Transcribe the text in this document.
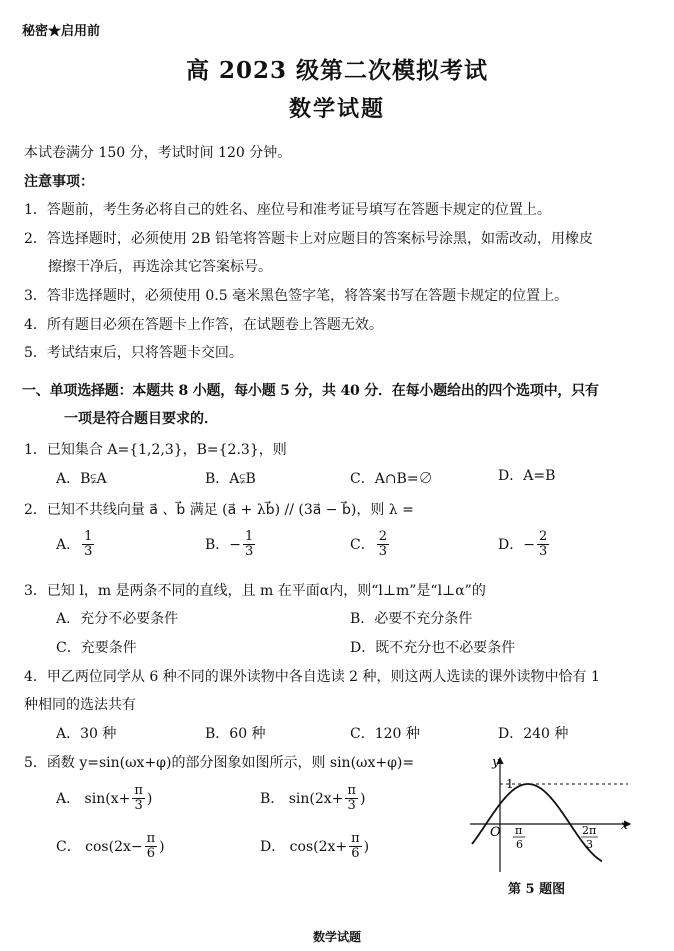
秘密★启用前
高 2023 级第二次模拟考试
数学试题
本试卷满分 150 分，考试时间 120 分钟。
注意事项：
1．答题前，考生务必将自己的姓名、座位号和准考证号填写在答题卡规定的位置上。
2．答选择题时，必须使用 2B 铅笔将答题卡上对应题目的答案标号涂黑，如需改动，用橡皮
擦擦干净后，再选涂其它答案标号。
3．答非选择题时，必须使用 0.5 毫米黑色签字笔，将答案书写在答题卡规定的位置上。
4．所有题目必须在答题卡上作答，在试题卷上答题无效。
5．考试结束后，只将答题卡交回。
一、单项选择题：本题共 8 小题，每小题 5 分，共 40 分．在每小题给出的四个选项中，只有
一项是符合题目要求的．
1．已知集合 A={1,2,3}，B={2.3}，则
A．B⫋A	B．A⫋B	C．A∩B=∅	D．A=B
2．已知不共线向量 a⃗ 、b⃗ 满足 (a⃗ + λb⃗) // (3a⃗ − b⃗)，则 λ =
A． $\frac{1}{3}$	B．− $\frac{1}{3}$	C． $\frac{2}{3}$	D．− $\frac{2}{3}$
3．已知 l，m 是两条不同的直线，且 m 在平面α内，则“l⊥m”是“l⊥α”的
A．充分不必要条件	B．必要不充分条件
C．充要条件	D．既不充分也不必要条件
4．甲乙两位同学从 6 种不同的课外读物中各自选读 2 种，则这两人选读的课外读物中恰有 1
种相同的选法共有
A．30 种	B．60 种	C．120 种	D．240 种
5．函数 y=sin(ωx+φ)的部分图象如图所示，则 sin(ωx+φ)=
A． $\sin(x+ \frac{\pi}{3}$ )	B． $\sin(2x+ \frac{\pi}{3}$ )
C． $\cos(2x- \frac{\pi}{6}$ )	D． $\cos(2x+ \frac{\pi}{6}$ )
y
x
O
1
π
6
2π
3
第 5 题图
数学试题
